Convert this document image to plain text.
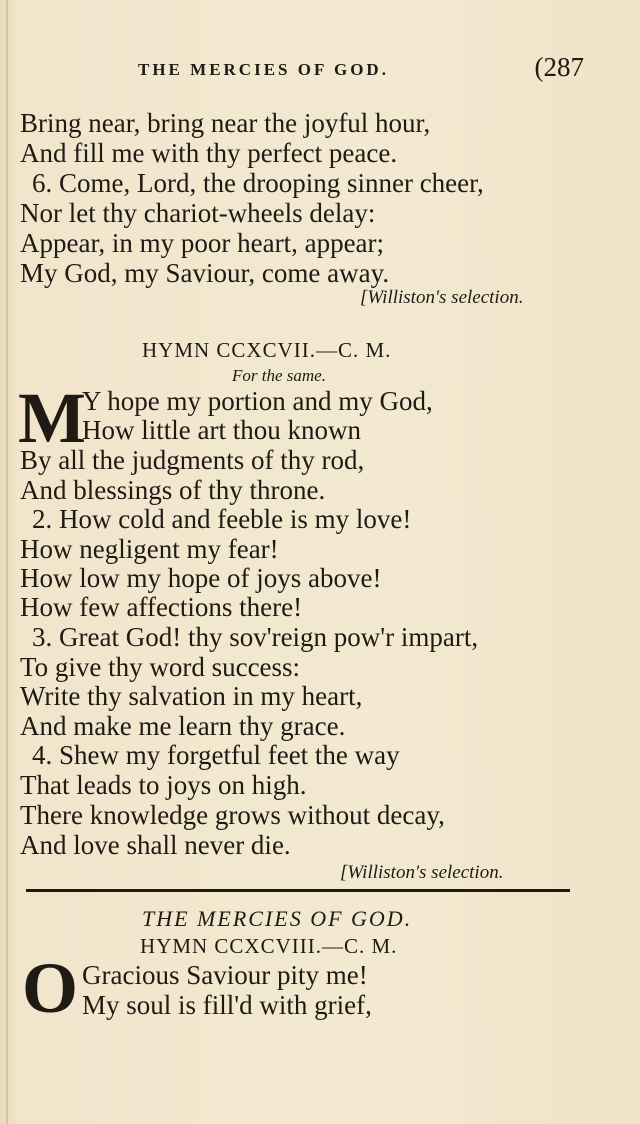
THE MERCIES OF GOD.	(287
Bring near, bring near the joyful hour,
And fill me with thy perfect peace.
6. Come, Lord, the drooping sinner cheer,
Nor let thy chariot-wheels delay:
Appear, in my poor heart, appear;
My God, my Saviour, come away.
[Williston's selection.
HYMN CCXCVII.—C. M.
For the same.
M
Y hope my portion and my God,
How little art thou known
By all the judgments of thy rod,
And blessings of thy throne.
2. How cold and feeble is my love!
How negligent my fear!
How low my hope of joys above!
How few affections there!
3. Great God! thy sov'reign pow'r impart,
To give thy word success:
Write thy salvation in my heart,
And make me learn thy grace.
4. Shew my forgetful feet the way
That leads to joys on high.
There knowledge grows without decay,
And love shall never die.
[Williston's selection.
THE MERCIES OF GOD.
HYMN CCXCVIII.—C. M.
O Gracious Saviour pity me!
My soul is fill'd with grief,
